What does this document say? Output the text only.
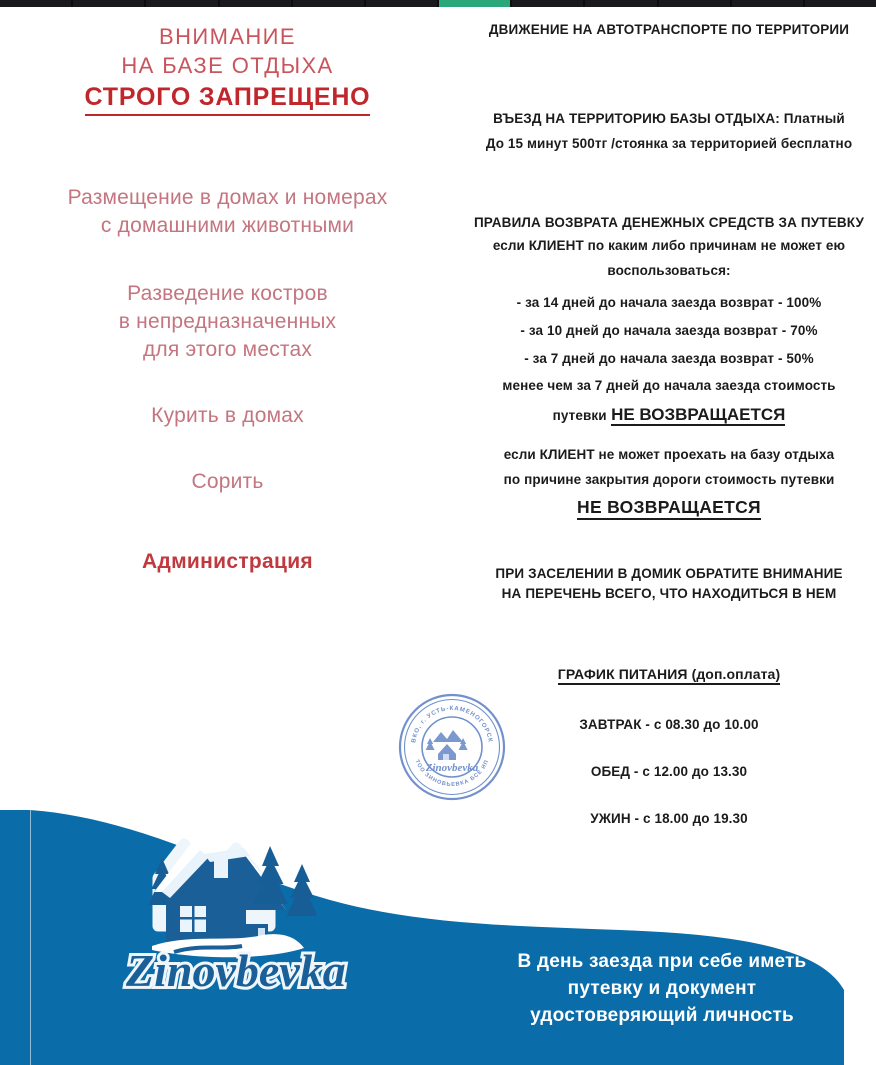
ВНИМАНИЕ
НА БАЗЕ ОТДЫХА
СТРОГО ЗАПРЕЩЕНО
Размещение в домах и номерах
с домашними животными
Разведение костров
в непредназначенных
для этого местах
Курить в домах
Сорить
Администрация
ДВИЖЕНИЕ НА АВТОТРАНСПОРТЕ ПО ТЕРРИТОРИИ
ВЪЕЗД НА ТЕРРИТОРИЮ БАЗЫ ОТДЫХА: Платный
До 15 минут 500тг /стоянка за территорией бесплатно
ПРАВИЛА ВОЗВРАТА ДЕНЕЖНЫХ СРЕДСТВ ЗА ПУТЕВКУ
если КЛИЕНТ по каким либо причинам не может ею
воспользоваться:
- за 14 дней до начала заезда возврат - 100%
- за 10 дней до начала заезда возврат - 70%
- за 7 дней до начала заезда возврат - 50%
менее чем за 7 дней до начала заезда стоимость
путевки НЕ ВОЗВРАЩАЕТСЯ
если КЛИЕНТ не может проехать на базу отдыха
по причине закрытия дороги стоимость путевки
НЕ ВОЗВРАЩАЕТСЯ
ПРИ ЗАСЕЛЕНИИ В ДОМИК ОБРАТИТЕ ВНИМАНИЕ
НА ПЕРЕЧЕНЬ ВСЕГО, ЧТО НАХОДИТЬСЯ В НЕМ
ГРАФИК ПИТАНИЯ (доп.оплата)
ЗАВТРАК - с 08.30 до 10.00
ОБЕД - с 12.00 до 13.30
УЖИН - с 18.00 до 19.30
ВКО, г. УСТЬ-КАМЕНОГОРСК
ТОО ЗИНОВЬЕВКА БСЕ ИП
Zinovbevka
Zinovbevka	В день заезда при себе иметь
путевку и документ
удостоверяющий личность
